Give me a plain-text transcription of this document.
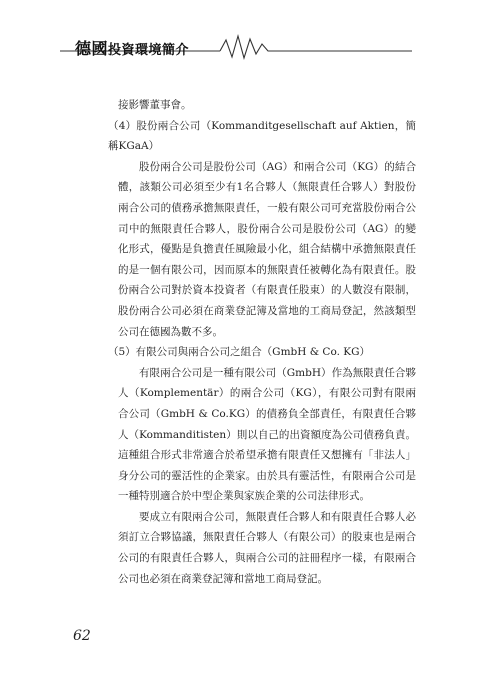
德國投資環境簡介

接影響董事會。

（4）股份兩合公司（Kommanditgesellschaft auf Aktien，簡稱KGaA）

股份兩合公司是股份公司（AG）和兩合公司（KG）的結合體，該類公司必須至少有1名合夥人（無限責任合夥人）對股份兩合公司的債務承擔無限責任，一般有限公司可充當股份兩合公司中的無限責任合夥人，股份兩合公司是股份公司（AG）的變化形式，優點是負擔責任風險最小化，組合結構中承擔無限責任的是一個有限公司，因而原本的無限責任被轉化為有限責任。股份兩合公司對於資本投資者（有限責任股東）的人數沒有限制，股份兩合公司必須在商業登記簿及當地的工商局登記，然該類型公司在德國為數不多。

（5）有限公司與兩合公司之組合（GmbH & Co. KG）

有限兩合公司是一種有限公司（GmbH）作為無限責任合夥人（Komplementär）的兩合公司（KG），有限公司對有限兩合公司（GmbH & Co.KG）的債務負全部責任，有限責任合夥人（Kommanditisten）則以自己的出資額度為公司債務負責。這種組合形式非常適合於希望承擔有限責任又想擁有「非法人」身分公司的靈活性的企業家。由於具有靈活性，有限兩合公司是一種特別適合於中型企業與家族企業的公司法律形式。

要成立有限兩合公司，無限責任合夥人和有限責任合夥人必須訂立合夥協議，無限責任合夥人（有限公司）的股東也是兩合公司的有限責任合夥人，與兩合公司的註冊程序一樣，有限兩合公司也必須在商業登記簿和當地工商局登記。

62
